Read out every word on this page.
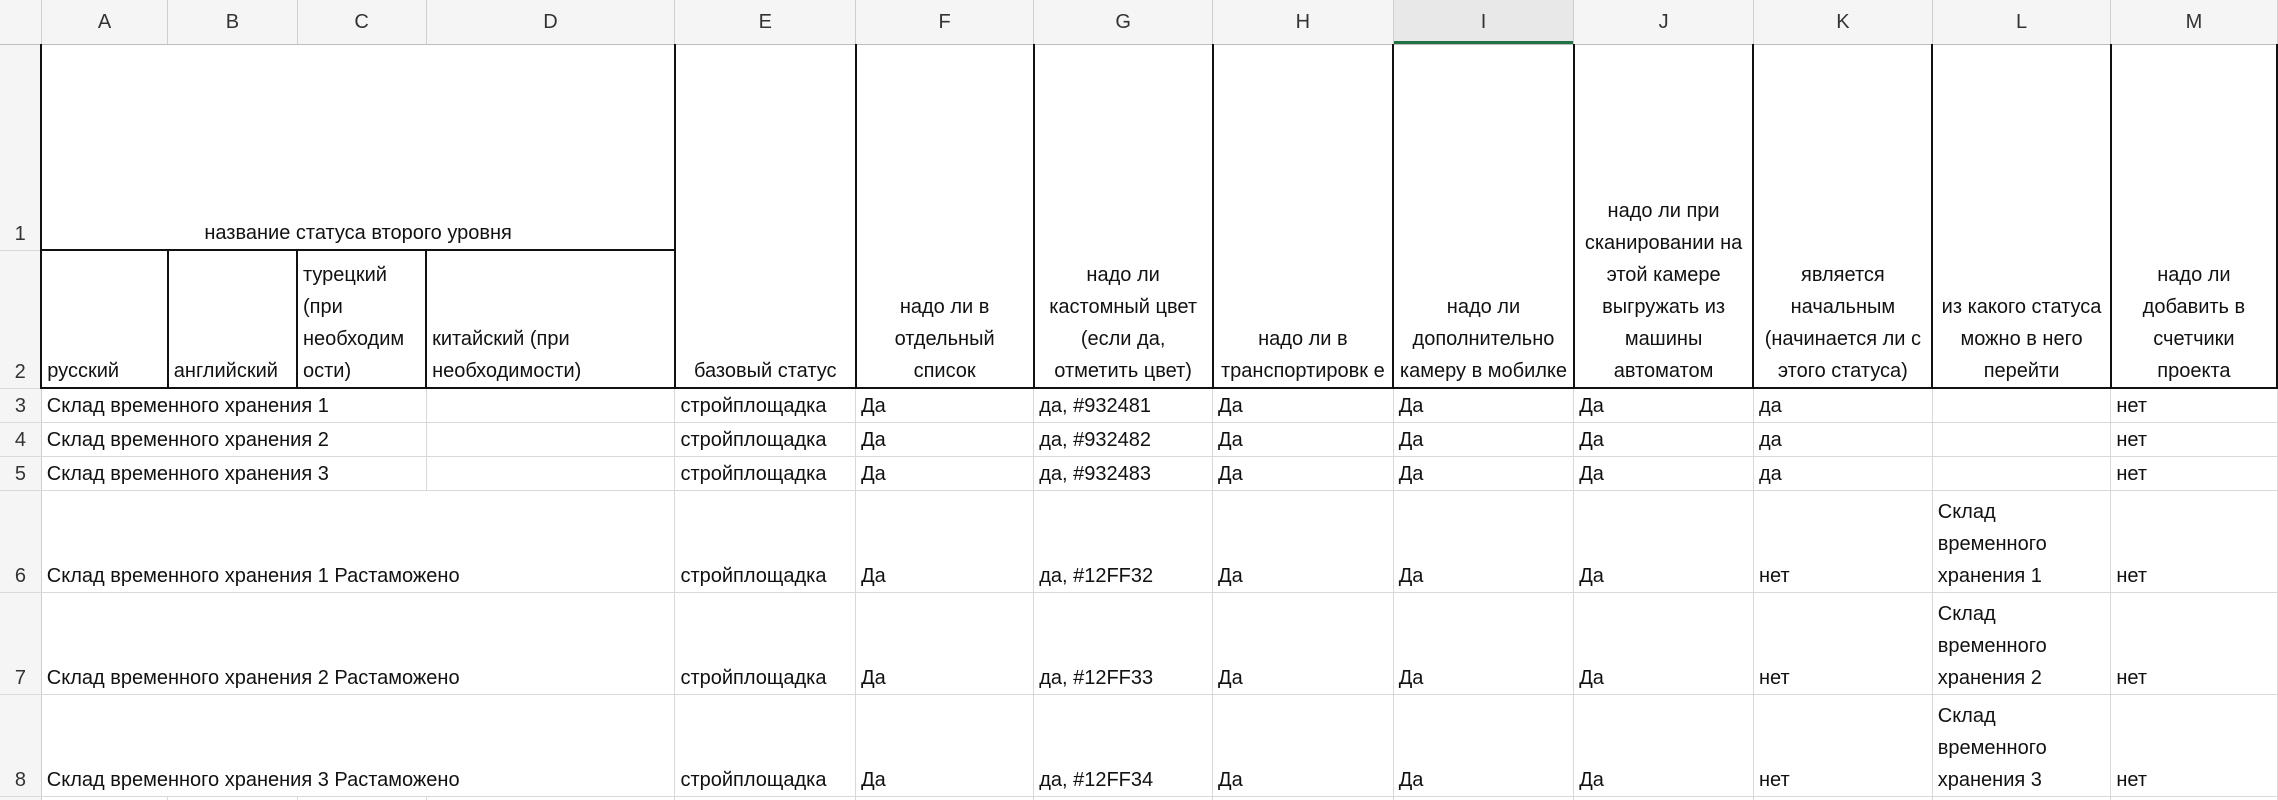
	A	B	C	D	E	F	G	H	I	J	K	L	M
1	название статуса второго уровня				базовый статус	надо ли в отдельный список	надо ли кастомный цвет (если да, отметить цвет)	надо ли в транспортировк е	надо ли дополнительно камеру в мобилке	надо ли при сканировании на этой камере выгружать из машины автоматом	является начальным (начинается ли с этого статуса)	из какого статуса можно в него перейти	надо ли добавить в счетчики проекта
2	русский	английский	турецкий (при необходим ости)	китайский (при необходимости)									
3	Склад временного хранения 1				стройплощадка	Да	да, #932481	Да	Да	Да	да		нет
4	Склад временного хранения 2				стройплощадка	Да	да, #932482	Да	Да	Да	да		нет
5	Склад временного хранения 3				стройплощадка	Да	да, #932483	Да	Да	Да	да		нет
6	Склад временного хранения 1 Растаможено				стройплощадка	Да	да, #12FF32	Да	Да	Да	нет	Склад временного хранения 1	нет
7	Склад временного хранения 2 Растаможено				стройплощадка	Да	да, #12FF33	Да	Да	Да	нет	Склад временного хранения 2	нет
8	Склад временного хранения 3 Растаможено				стройплощадка	Да	да, #12FF34	Да	Да	Да	нет	Склад временного хранения 3	нет
